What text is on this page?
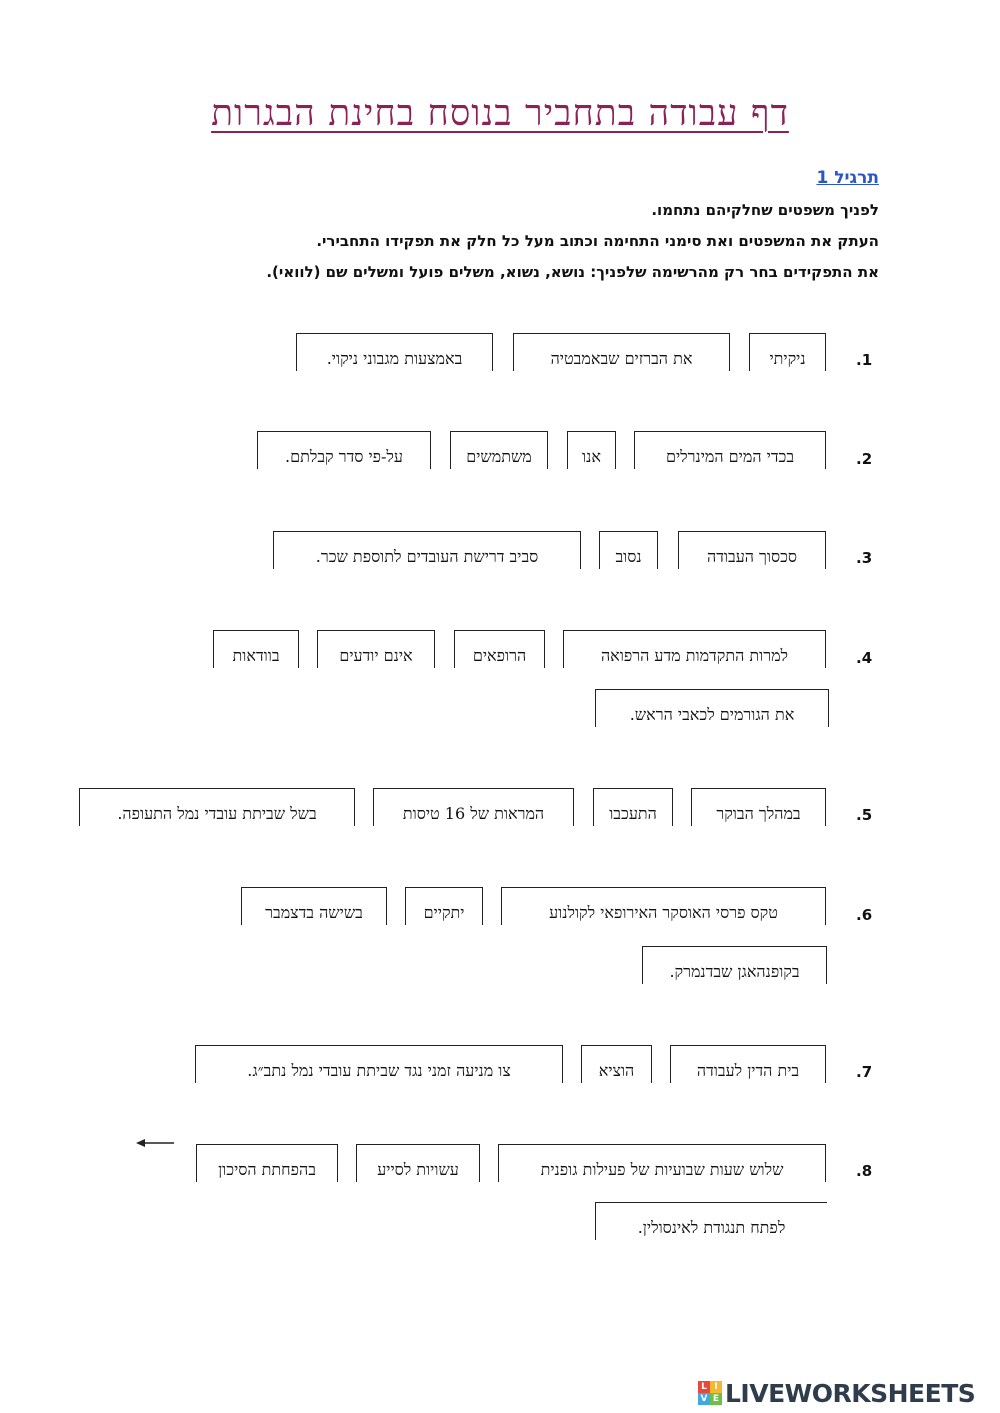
דף עבודה בתחביר בנוסח בחינת הבגרות
תרגיל 1
לפניך משפטים שחלקיהם נתחמו.
העתק את המשפטים ואת סימני התחימה וכתוב מעל כל חלק את תפקידו התחבירי.
את התפקידים בחר רק מהרשימה שלפניך: נושא, נשוא, משלים פועל ומשלים שם (לוואי).
.1
ניקיתי
את הברזים שבאמבטיה
באמצעות מגבוני ניקוי.
.2
בכדי המים המינרלים
אנו
משתמשים
על-פי סדר קבלתם.
.3
סכסוך העבודה
נסוב
סביב דרישת העובדים לתוספת שכר.
.4
למרות התקדמות מדע הרפואה
הרופאים
אינם יודעים
בוודאות
את הגורמים לכאבי הראש.
.5
במהלך הבוקר
התעכבו
המראות של 16 טיסות
בשל שביתת עובדי נמל התעופה.
.6
טקס פרסי האוסקר האירופאי לקולנוע
יתקיים
בשישה בדצמבר
בקופנהאגן שבדנמרק.
.7
בית הדין לעבודה
הוציא
צו מניעה זמני נגד שביתת עובדי נמל נתב״ג.
.8
שלוש שעות שבועיות של פעילות גופנית
עשויות לסייע
בהפחתת הסיכון
לפתח תנגודת לאינסולין.
L I
V E LIVEWORKSHEETS
